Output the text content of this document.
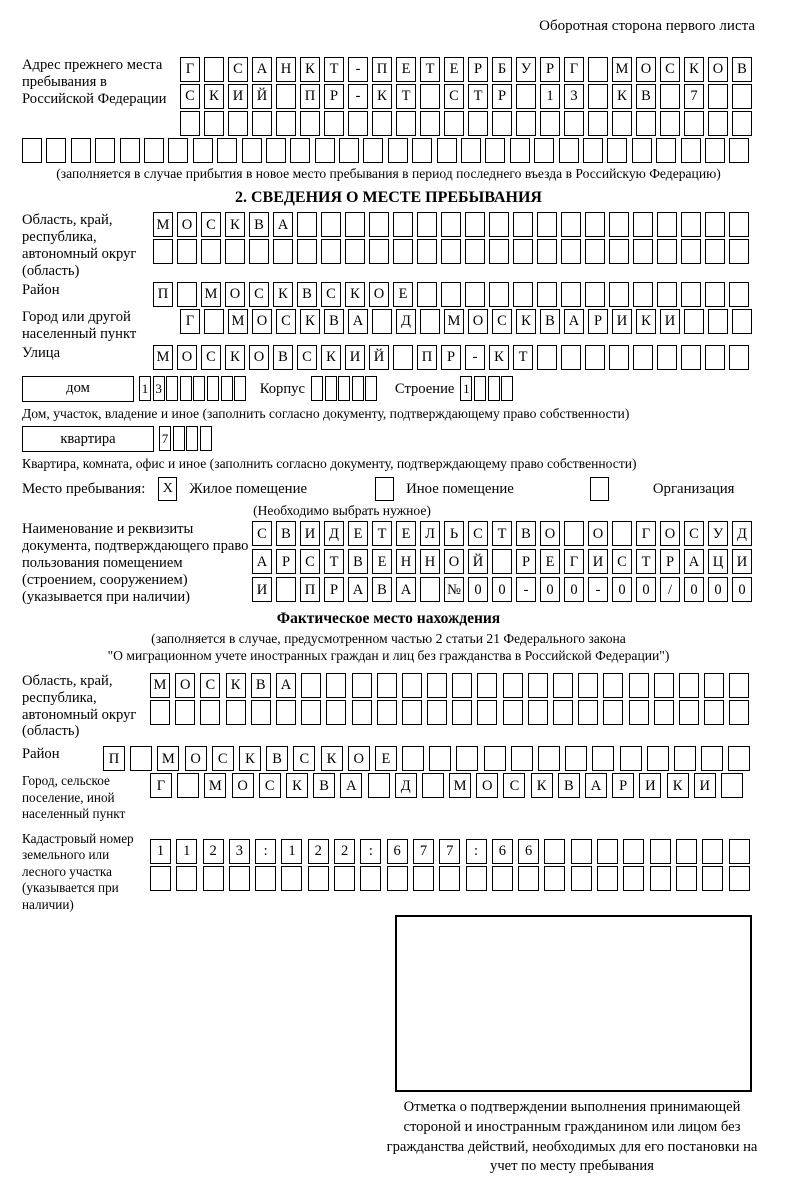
Оборотная сторона первого листа
Адрес прежнего места пребывания в Российской Федерации
Г	С А Н К	Т	-	П Е	Т	Е	Р	Б	У	Р	Г	М О С К О В
С К И Й	П	Р	-	К	Т	С	Т	Р	1	3	К В	7
(заполняется в случае прибытия в новое место пребывания в период последнего въезда в Российскую Федерацию)
2. СВЕДЕНИЯ О МЕСТЕ ПРЕБЫВАНИЯ
Область, край, республика, автономный округ (область)
М О С К В А
Район	П	М О С К В С К О Е
Город или другой населенный пункт
Г	М О С К В А	Д	М О С К В А	Р	И К И
Улица	М О С К О В С К И Й	П	Р	-	К	Т
дом	1 3	Корпус	Строение 1
Дом, участок, владение и иное (заполнить согласно документу, подтверждающему право собственности)
квартира	7
Квартира, комната, офис и иное (заполнить согласно документу, подтверждающему право собственности)
Место пребывания:	X Жилое помещение	Иное помещение	Организация
(Необходимо выбрать нужное)
Наименование и реквизиты документа, подтверждающего право пользования помещением (строением, сооружением) (указывается при наличии)
С В И Д	Е	Т	Е	Л	Ь	С	Т	В О	О	Г	О С У Д
А	Р	С	Т	В	Е Н Н О Й	Р	Е	Г	И С	Т	Р	А Ц И
И	П	Р	А В А	№ 0	0	-	0	0	-	0	0	/	0	0	0
Фактическое место нахождения
(заполняется в случае, предусмотренном частью 2 статьи 21 Федерального закона
"О миграционном учете иностранных граждан и лиц без гражданства в Российской Федерации")
Область, край, республика, автономный округ (область)
М О	С	К	В	А
Район	П	М	О	С	К	В	С	К	О	Е
Город, сельское поселение, иной населенный пункт
Г	М	О	С	К	В	А	Д	М	О	С	К	В	А	Р	И	К	И
Кадастровый номер земельного или лесного участка (указывается при наличии)
1	1	2	3	:	1	2	2	:	6	7	7	:	6	6
Отметка о подтверждении выполнения принимающей стороной и иностранным гражданином или лицом без гражданства действий, необходимых для его постановки на учет по месту пребывания
